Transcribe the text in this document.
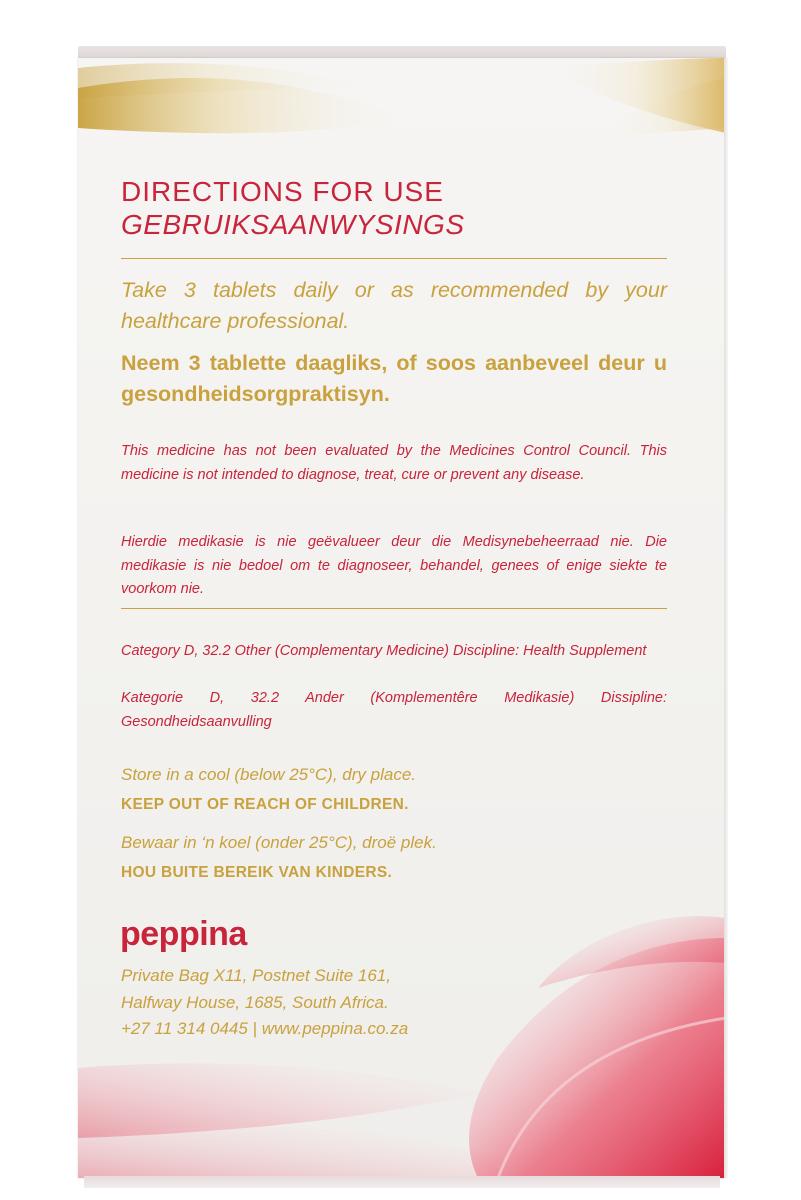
DIRECTIONS FOR USE

GEBRUIKSAANWYSINGS

Take 3 tablets daily or as recommended by your healthcare professional.

Neem 3 tablette daagliks, of soos aanbeveel deur u gesondheidsorgpraktisyn.

This medicine has not been evaluated by the Medicines Control Council. This medicine is not intended to diagnose, treat, cure or prevent any disease.

Hierdie medikasie is nie geëvalueer deur die Medisynebeheerraad nie. Die medikasie is nie bedoel om te diagnoseer, behandel, genees of enige siekte te voorkom nie.

Category D, 32.2 Other (Complementary Medicine) Discipline: Health Supplement

Kategorie D, 32.2 Ander (Komplementêre Medikasie) Dissipline: Gesondheidsaanvulling

Store in a cool (below 25°C), dry place.

KEEP OUT OF REACH OF CHILDREN.

Bewaar in ‘n koel (onder 25°C), droë plek.

HOU BUITE BEREIK VAN KINDERS.

peppina

Private Bag X11, Postnet Suite 161,

Halfway House, 1685, South Africa.

+27 11 314 0445 | www.peppina.co.za
